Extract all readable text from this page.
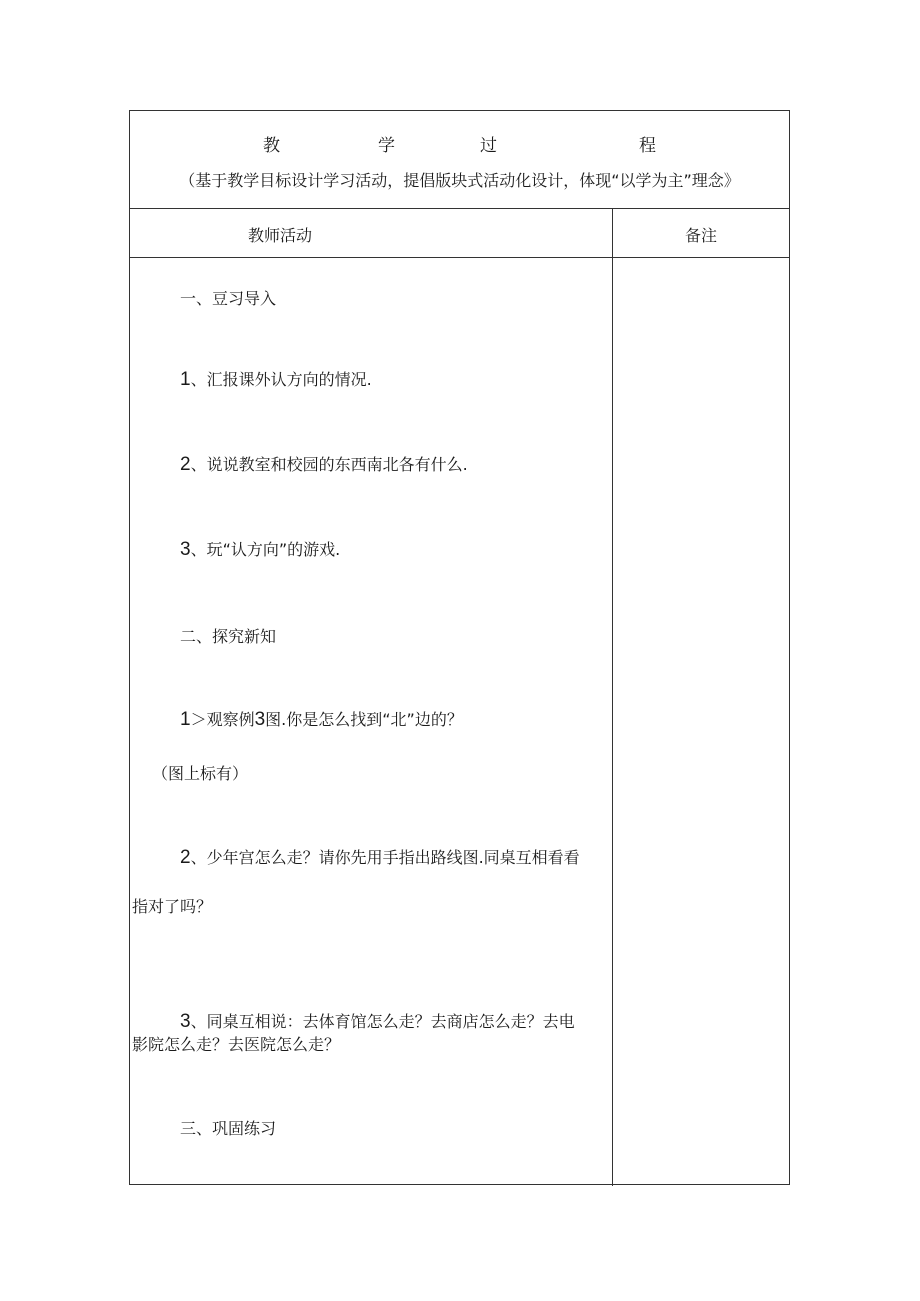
教	学	过	程
（基于教学目标设计学习活动，提倡版块式活动化设计，体现“以学为主”理念》
教师活动	备注
一、豆习导入
1、汇报课外认方向的情况.
2、说说教室和校园的东西南北各有什么.
3、玩“认方向”的游戏.
二、探究新知
1＞观察例3图.你是怎么找到“北”边的？
（图上标有）
2、少年宫怎么走？请你先用手指出路线图.同桌互相看看
指对了吗？
3、同桌互相说：去体育馆怎么走？去商店怎么走？去电
影院怎么走？去医院怎么走？
三、巩固练习
